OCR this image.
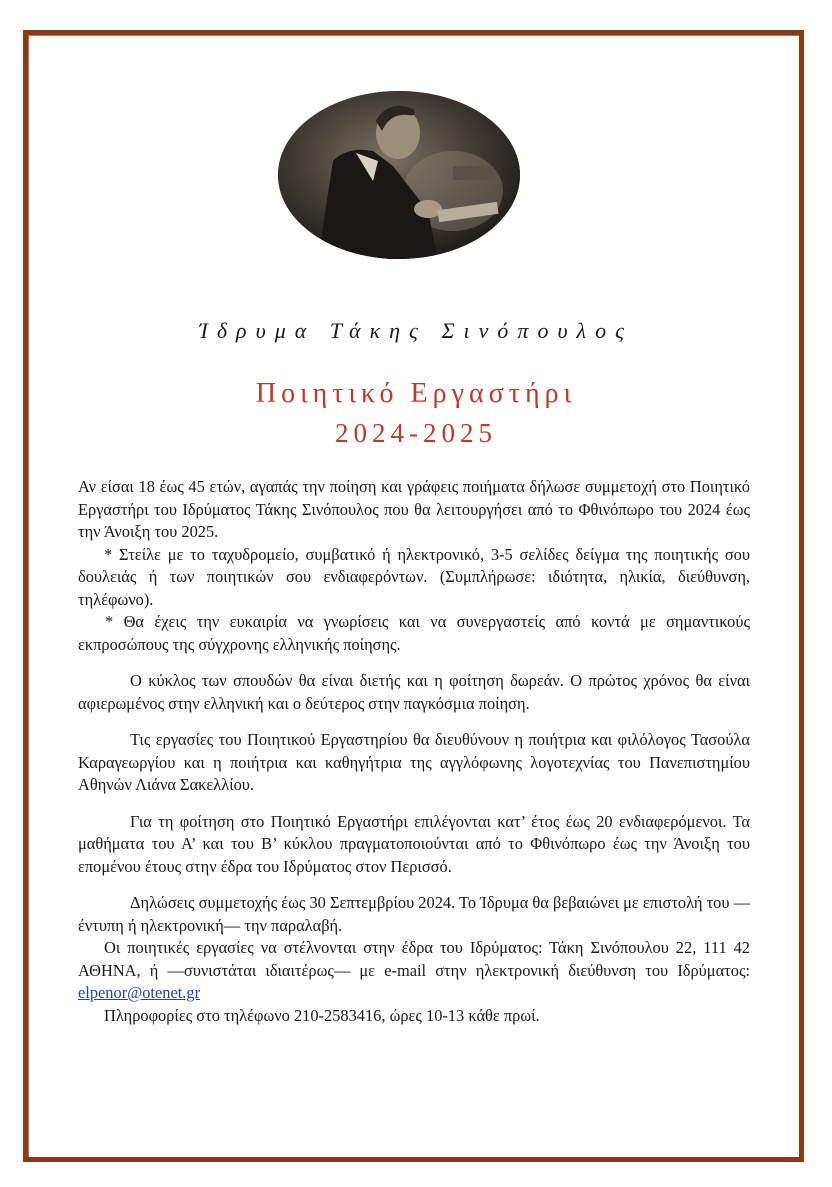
Ίδρυμα Τάκης Σινόπουλος
Ποιητικό Εργαστήρι
2024-2025

Αν είσαι 18 έως 45 ετών, αγαπάς την ποίηση και γράφεις ποιήματα δήλωσε συμμετοχή στο Ποιητικό Εργαστήρι του Ιδρύματος Τάκης Σινόπουλος που θα λειτουργήσει από το Φθινόπωρο του 2024 έως την Άνοιξη του 2025.

* Στείλε με το ταχυδρομείο, συμβατικό ή ηλεκτρονικό, 3-5 σελίδες δείγμα της ποιητικής σου δουλειάς ή των ποιητικών σου ενδιαφερόντων. (Συμπλήρωσε: ιδιότητα, ηλικία, διεύθυνση, τηλέφωνο).

* Θα έχεις την ευκαιρία να γνωρίσεις και να συνεργαστείς από κοντά με σημαντικούς εκπροσώπους της σύγχρονης ελληνικής ποίησης.

Ο κύκλος των σπουδών θα είναι διετής και η φοίτηση δωρεάν. Ο πρώτος χρόνος θα είναι αφιερωμένος στην ελληνική και ο δεύτερος στην παγκόσμια ποίηση.

Τις εργασίες του Ποιητικού Εργαστηρίου θα διευθύνουν η ποιήτρια και φιλόλογος Τασούλα Καραγεωργίου και η ποιήτρια και καθηγήτρια της αγγλόφωνης λογοτεχνίας του Πανεπιστημίου Αθηνών Λιάνα Σακελλίου.

Για τη φοίτηση στο Ποιητικό Εργαστήρι επιλέγονται κατ’ έτος έως 20 ενδιαφερόμενοι. Τα μαθήματα του Α’ και του Β’ κύκλου πραγματοποιούνται από το Φθινόπωρο έως την Άνοιξη του επομένου έτους στην έδρα του Ιδρύματος στον Περισσό.

Δηλώσεις συμμετοχής έως 30 Σεπτεμβρίου 2024. Το Ίδρυμα θα βεβαιώνει με επιστολή του —έντυπη ή ηλεκτρονική— την παραλαβή.

Οι ποιητικές εργασίες να στέλνονται στην έδρα του Ιδρύματος: Τάκη Σινόπουλου 22, 111 42 ΑΘΗΝΑ, ή —συνιστάται ιδιαιτέρως— με e-mail στην ηλεκτρονική διεύθυνση του Ιδρύματος: elpenor@otenet.gr

Πληροφορίες στο τηλέφωνο 210-2583416, ώρες 10-13 κάθε πρωί.
